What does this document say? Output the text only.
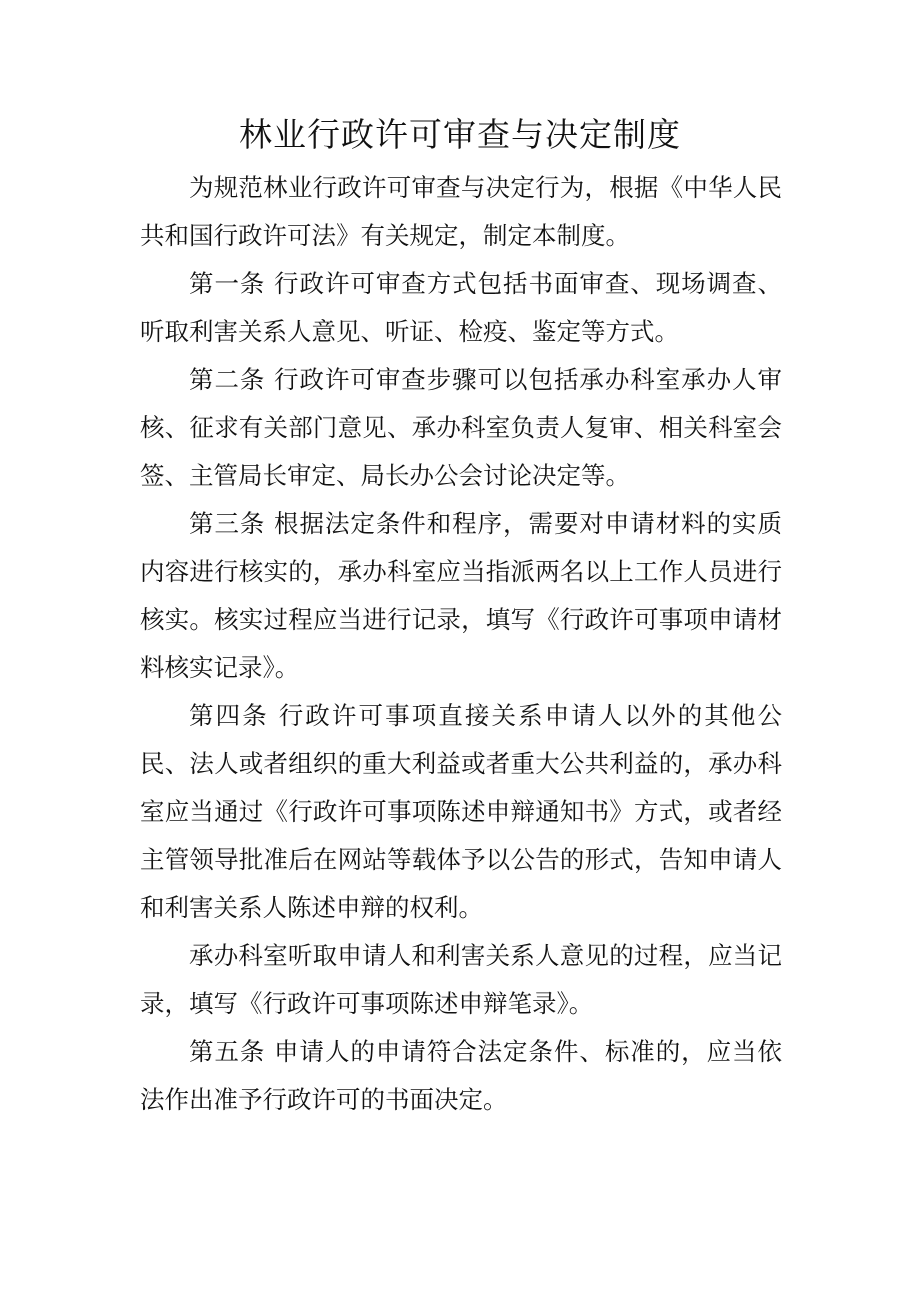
林业行政许可审查与决定制度

为规范林业行政许可审查与决定行为，根据《中华人民共和国行政许可法》有关规定，制定本制度。

第一条 行政许可审查方式包括书面审查、现场调查、听取利害关系人意见、听证、检疫、鉴定等方式。

第二条 行政许可审查步骤可以包括承办科室承办人审核、征求有关部门意见、承办科室负责人复审、相关科室会签、主管局长审定、局长办公会讨论决定等。

第三条 根据法定条件和程序，需要对申请材料的实质内容进行核实的，承办科室应当指派两名以上工作人员进行核实。核实过程应当进行记录，填写《行政许可事项申请材料核实记录》。

第四条 行政许可事项直接关系申请人以外的其他公民、法人或者组织的重大利益或者重大公共利益的，承办科室应当通过《行政许可事项陈述申辩通知书》方式，或者经主管领导批准后在网站等载体予以公告的形式，告知申请人和利害关系人陈述申辩的权利。

承办科室听取申请人和利害关系人意见的过程，应当记录，填写《行政许可事项陈述申辩笔录》。

第五条 申请人的申请符合法定条件、标准的，应当依法作出准予行政许可的书面决定。
